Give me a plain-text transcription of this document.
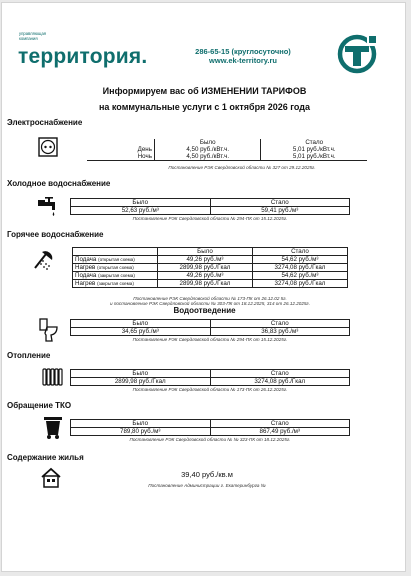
управляющая
компания
территория.	286-65-15 (круглосуточно)
www.ek-territory.ru
Информируем вас об ИЗМЕНЕНИИ ТАРИФОВ
на коммунальные услуги с 1 октября 2026 года
Электроснабжение
	Было	Стало
День	4,50 руб./кВт.ч.	5,01 руб./кВт.ч.
Ночь	4,50 руб./кВт.ч.	5,01 руб./кВт.ч.
Постановление РЭК Свердловской области № 327 от 29.12.2025г.
Холодное водоснабжение
Было	Стало
52,63 руб./м³	59,41 руб./м³
Постановление РЭК Свердловской области № 294-ПК от 15.12.2025г.
Горячее водоснабжение
	Было	Стало
Подача (открытая схема)	49,26 руб./м³	54,62 руб./м³
Нагрев (открытая схема)	2899,98 руб./Гкал	3274,08 руб./Гкал
Подача (закрытая схема)	49,26 руб./м³	54,62 руб./м³
Нагрев (закрытая схема)	2899,98 руб./Гкал	3274,08 руб./Гкал
Постановление РЭК Свердловской области № 173-ПК от 26.12.02 5г.
и постановление РЭК Свердловской области № 303-ПК от 18.12.2025, 314 от 26.12.2025г.
Водоотведение
Было	Стало
34,65 руб./м³	36,83 руб./м³
Постановление РЭК Свердловской области № 294-ПК от 15.12.2025г.
Отопление
Было	Стало
2899,98 руб./Гкал	3274,08 руб./Гкал
Постановление РЭК Свердловской области № 173-ПК от 26.12.2025г.
Обращение ТКО
Было	Стало
789,80 руб./м³	867,49 руб./м³
Постановление РЭК Свердловской области № № 323-ПК от 18.12.2025г.
Содержание жилья
39,40 руб./кв.м
Постановление Администрации г. Екатеринбурга №
